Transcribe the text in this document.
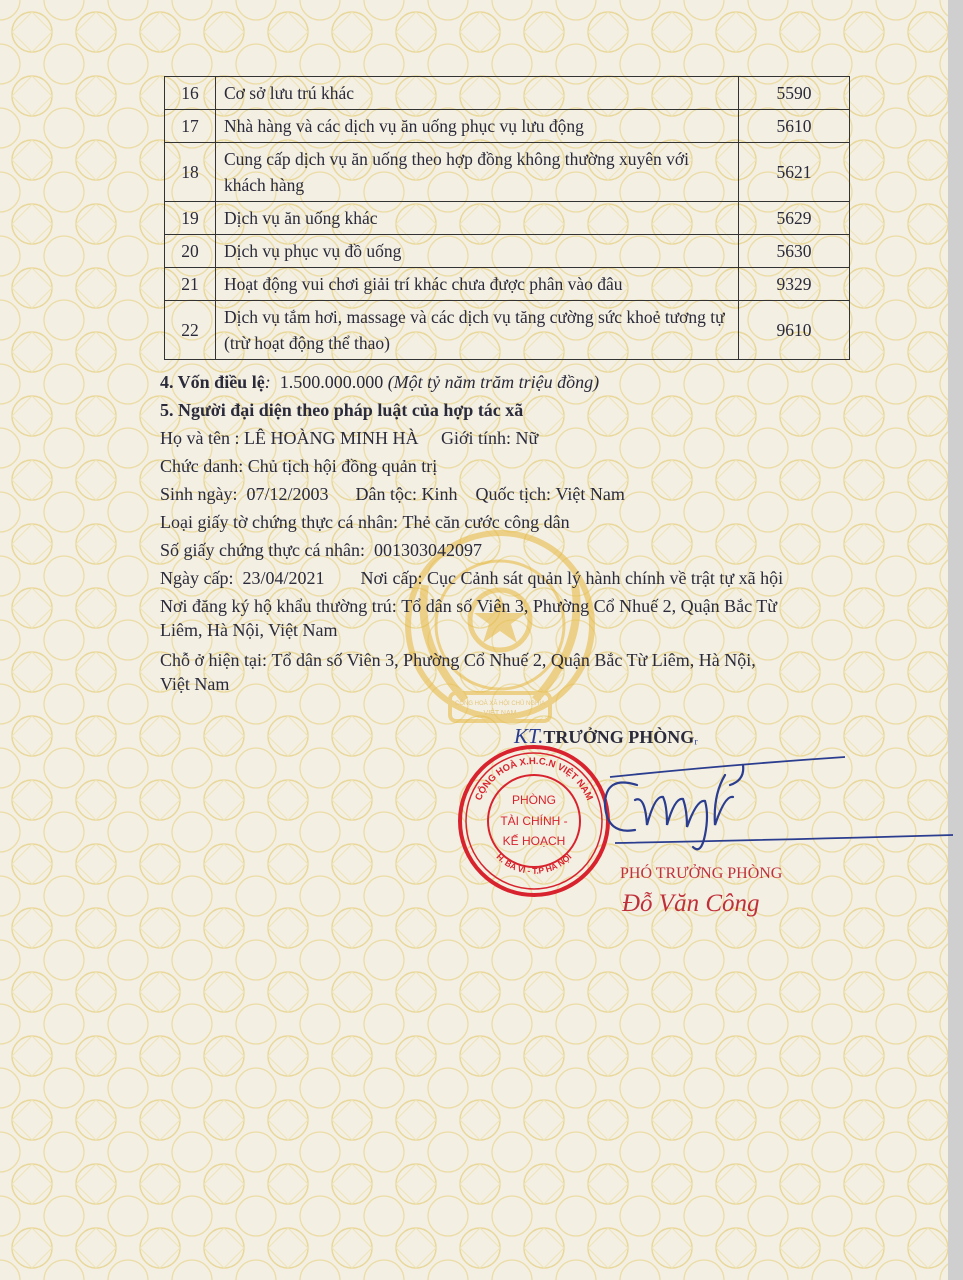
CỘNG HOÀ XÃ HỘI CHỦ NGHĨA
VIỆT NAM
16	Cơ sở lưu trú khác	5590
17	Nhà hàng và các dịch vụ ăn uống phục vụ lưu động	5610
18	Cung cấp dịch vụ ăn uống theo hợp đồng không thường xuyên với khách hàng	5621
19	Dịch vụ ăn uống khác	5629
20	Dịch vụ phục vụ đồ uống	5630
21	Hoạt động vui chơi giải trí khác chưa được phân vào đâu	9329
22	Dịch vụ tắm hơi, massage và các dịch vụ tăng cường sức khoẻ tương tự (trừ hoạt động thể thao)	9610
4. Vốn điều lệ: 1.500.000.000 (Một tỷ năm trăm triệu đồng)
5. Người đại diện theo pháp luật của hợp tác xã
Họ và tên : LÊ HOÀNG MINH HÀ Giới tính: Nữ
Chức danh: Chủ tịch hội đồng quản trị
Sinh ngày: 07/12/2003 Dân tộc: Kinh Quốc tịch: Việt Nam
Loại giấy tờ chứng thực cá nhân: Thẻ căn cước công dân
Số giấy chứng thực cá nhân: 001303042097
Ngày cấp: 23/04/2021 Nơi cấp: Cục Cảnh sát quản lý hành chính về trật tự xã hội
Nơi đăng ký hộ khẩu thường trú: Tổ dân số Viên 3, Phường Cổ Nhuế 2, Quận Bắc Từ
Liêm, Hà Nội, Việt Nam
Chỗ ở hiện tại: Tổ dân số Viên 3, Phường Cổ Nhuế 2, Quận Bắc Từ Liêm, Hà Nội,
Việt Nam
KT.TRƯỞNG PHÒNGᵣ
CỘNG HOÀ X.H.C.N VIỆT NAM
H. BA VÌ - T.P HÀ NỘI
PHÒNG
TÀI CHÍNH -
KẾ HOẠCH
PHÓ TRƯỞNG PHÒNG
Đỗ Văn Công
